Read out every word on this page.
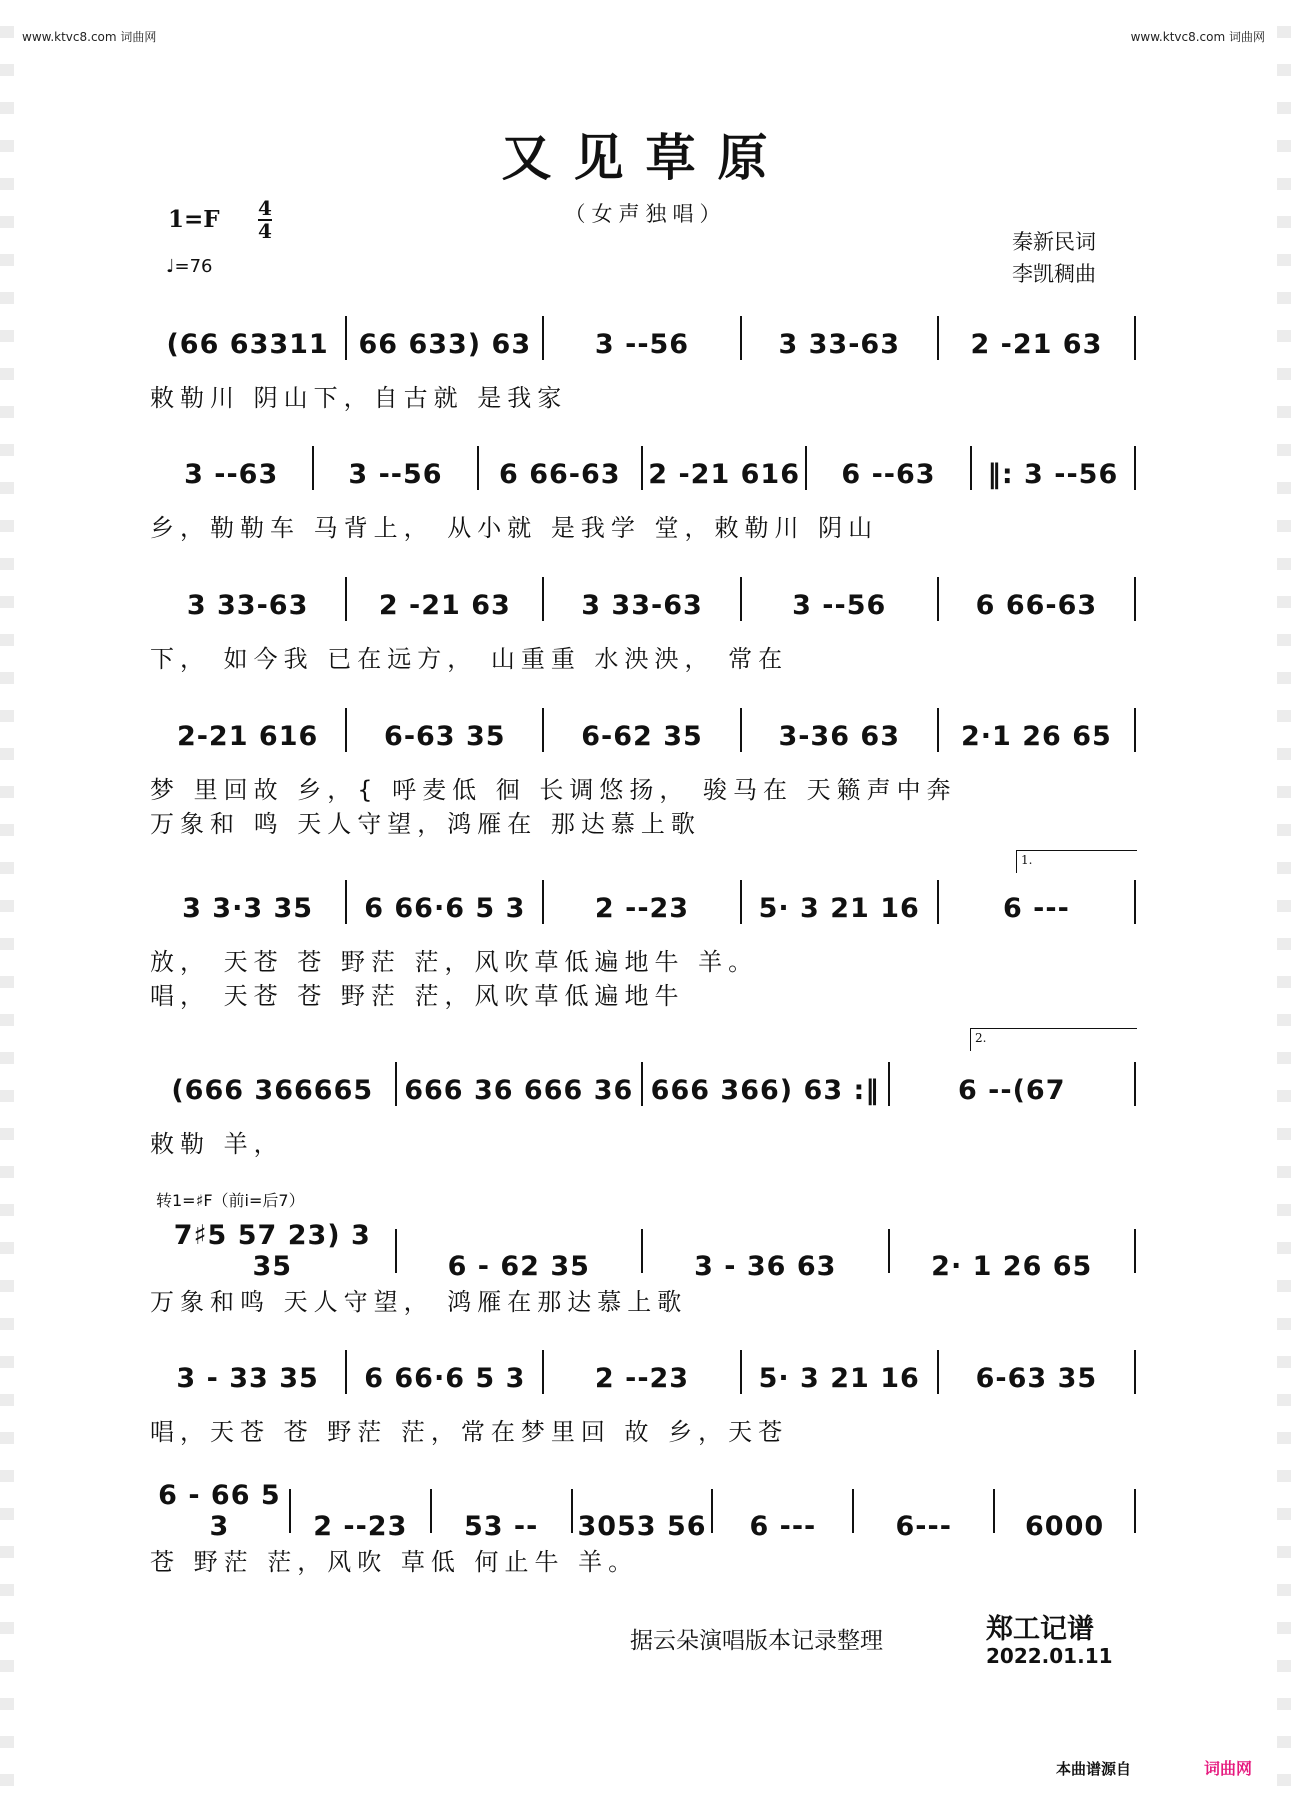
www.ktvc8.com 词曲网	www.ktvc8.com 词曲网
又见草原
（女声独唱）
1=F 4
4
♩=76
秦新民词
李凯稠曲
(66 63311	66 633) 63	3 --56	3 33-63	2 -21 63
敕勒川 阴山下，自古就 是我家
3 --63	3 --56	6 66-63	2 -21 616	6 --63	‖: 3 --56
乡，勒勒车 马背上， 从小就 是我学 堂，敕勒川 阴山
3 33-63	2 -21 63	3 33-63	3 --56	6 66-63
下， 如今我 已在远方， 山重重 水泱泱， 常在
2-21 616	6-63 35	6-62 35	3-36 63	2·1 26 65
梦 里回故 乡，{ 呼麦低 徊 长调悠扬， 骏马在 天籁声中奔
万象和 鸣 天人守望，鸿雁在 那达慕上歌
3 3·3 35	6 66·6 5 3	2 --23	5· 3 21 16	6 ---
放， 天苍 苍 野茫 茫，风吹草低遍地牛 羊。
唱， 天苍 苍 野茫 茫，风吹草低遍地牛
1.
(666 366665	666 36 666 36 666 366) 63 :‖	6 --(67
敕勒 羊，
2.
7♯5 57 23) 3 35	6 - 62 35	3 - 36 63	2· 1 26 65
万象和鸣 天人守望， 鸿雁在那达慕上歌
3 - 33 35	6 66·6 5 3	2 --23	5· 3 21 16	6-63 35
唱，天苍 苍 野茫 茫，常在梦里回 故 乡，天苍
6 - 66 5 3	2 --23	53 --	3053 56	6 ---	6---	6000
苍 野茫 茫，风吹 草低 何止牛 羊。
转1=♯F（前i=后7）
据云朵演唱版本记录整理	郑工记谱
2022.01.11
本曲谱源自	词曲网
